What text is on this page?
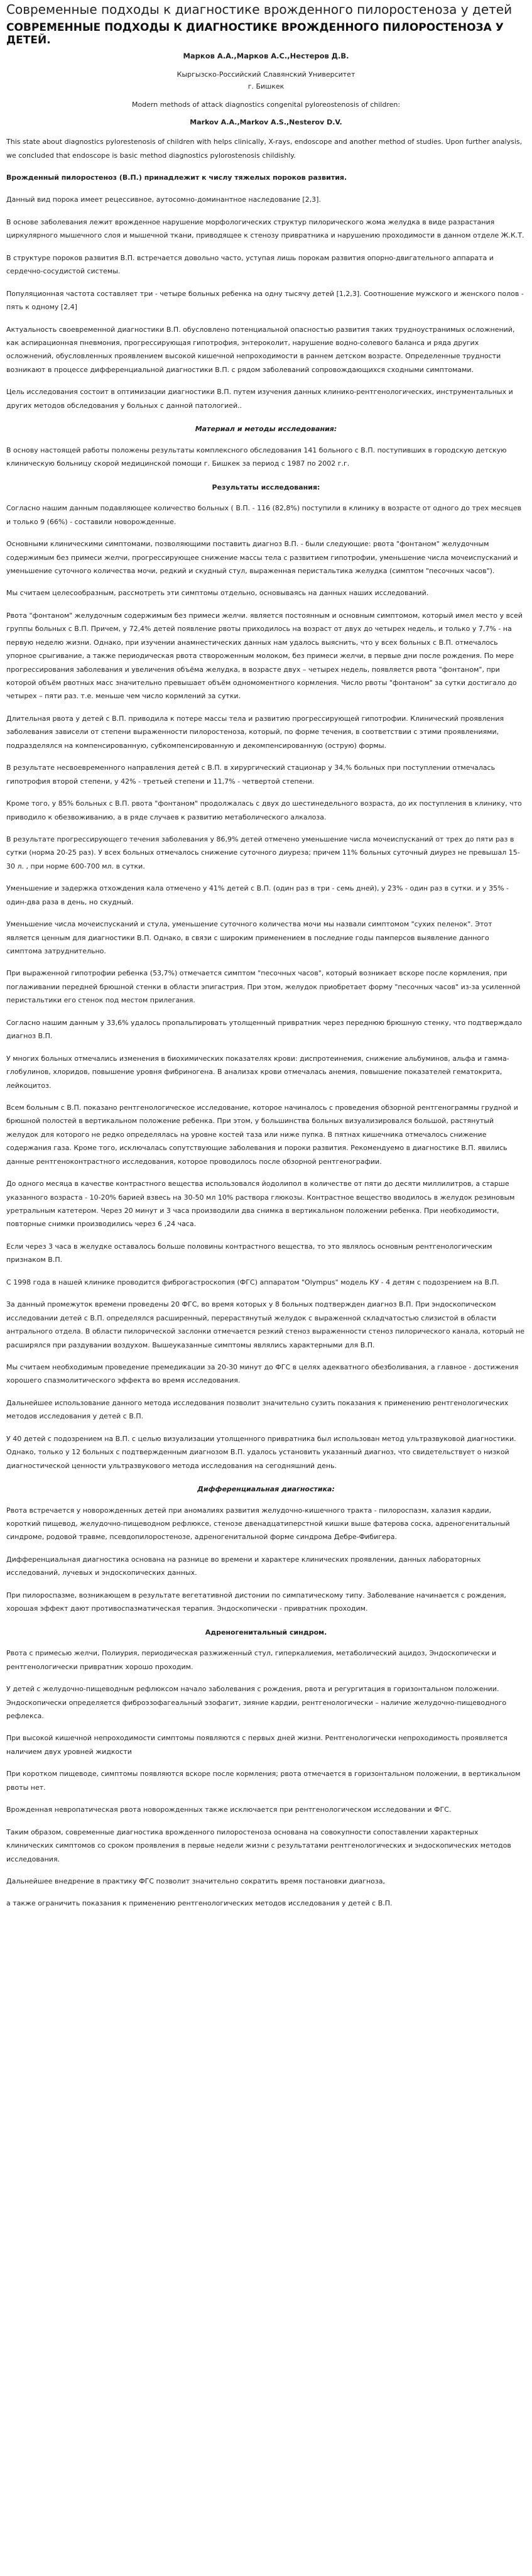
Современные подходы к диагностике врожденного пилоростеноза у детей
СОВРЕМЕННЫЕ ПОДХОДЫ К ДИАГНОСТИКЕ ВРОЖДЕННОГО ПИЛОРОСТЕНОЗА У ДЕТЕЙ.
Марков А.А.,Марков А.С.,Нестеров Д.В.
Кыргызско-Российский Славянский Университет
г. Бишкек
Modern methods of attack diagnostics congenital pyloreostenosis of children:
Markov A.A.,Markov A.S.,Nesterov D.V.

This state about diagnostics pylorestenosis of children with helps clinically, X-rays, endoscope and another method of studies. Upon further analysis, we concluded that endoscope is basic method diagnostics pylorostenosis childishly.

Врожденный пилоростеноз (В.П.) принадлежит к числу тяжелых пороков развития.

Данный вид порока имеет рецессивное, аутосомно-доминантное наследование [2,3].

В основе заболевания лежит врожденное нарушение морфологических структур пилорического жома желудка в виде разрастания циркулярного мышечного слоя и мышечной ткани, приводящее к стенозу привратника и нарушению проходимости в данном отделе Ж.К.Т.

В структуре пороков развития В.П. встречается довольно часто, уступая лишь порокам развития опорно-двигательного аппарата и сердечно-сосудистой системы.

Популяционная частота составляет три - четыре больных ребенка на одну тысячу детей [1,2,3]. Соотношение мужского и женского полов - пять к одному [2,4]

Актуальность своевременной диагностики В.П. обусловлено потенциальной опасностью развития таких трудноустранимых осложнений, как аспирационная пневмония, прогрессирующая гипотрофия, энтероколит, нарушение водно-солевого баланса и ряда других осложнений, обусловленных проявлением высокой кишечной непроходимости в раннем детском возрасте. Определенные трудности возникают в процессе дифференциальной диагностики В.П. с рядом заболеваний сопровождающихся сходными симптомами.

Цель исследования состоит в оптимизации диагностики В.П. путем изучения данных клинико-рентгенологических, инструментальных и других методов обследования у больных с данной патологией..

Материал и методы исследования:

В основу настоящей работы положены результаты комплексного обследования 141 больного с В.П. поступивших в городскую детскую клиническую больницу скорой медицинской помощи г. Бишкек за период с 1987 по 2002 г.г.

Результаты исследования:

Согласно нашим данным подавляющее количество больных ( В.П. - 116 (82,8%) поступили в клинику в возрасте от одного до трех месяцев и только 9 (66%) - составили новорожденные.

Основными клиническими симптомами, позволяющими поставить диагноз В.П. - были следующие: рвота "фонтаном" желудочным содержимым без примеси желчи, прогрессирующее снижение массы тела с развитием гипотрофии, уменьшение числа мочеиспусканий и уменьшение суточного количества мочи, редкий и скудный стул, выраженная перистальтика желудка (симптом "песочных часов").

Мы считаем целесообразным, рассмотреть эти симптомы отдельно, основываясь на данных наших исследований.

Рвота "фонтаном" желудочным содержимым без примеси желчи. является постоянным и основным симптомом, который имел место у всей группы больных с В.П. Причем, у 72,4% детей появление рвоты приходилось на возраст от двух до четырех недель, и только у 7,7% - на первую неделю жизни. Однако, при изучении анамнестических данных нам удалось выяснить, что у всех больных с В.П. отмечалось упорное срыгивание, а также периодическая рвота створоженным молоком, без примеси желчи, в первые дни после рождения. По мере прогрессирования заболевания и увеличения объёма желудка, в возрасте двух – четырех недель, появляется рвота "фонтаном", при которой объём рвотных масс значительно превышает объём одномоментного кормления. Число рвоты "фонтаном" за сутки достигало до четырех – пяти раз. т.е. меньше чем число кормлений за сутки.

Длительная рвота у детей с В.П. приводила к потере массы тела и развитию прогрессирующей гипотрофии. Клинический проявления заболевания зависели от степени выраженности пилоростеноза, который, по форме течения, в соответствии с этими проявлениями, подразделялся на компенсированную, субкомпенсированную и декомпенсированную (острую) формы.

В результате несвоевременного направления детей с В.П. в хирургический стационар у 34,% больных при поступлении отмечалась гипотрофия второй степени, у 42% - третьей степени и 11,7% - четвертой степени.

Кроме того, у 85% больных с В.П. рвота "фонтаном" продолжалась с двух до шестинедельного возраста, до их поступления в клинику, что приводило к обезвоживанию, а в ряде случаев к развитию метаболического алкалоза.

В результате прогрессирующего течения заболевания у 86,9% детей отмечено уменьшение числа мочеиспусканий от трех до пяти раз в сутки (норма 20-25 раз). У всех больных отмечалось снижение суточного диуреза; причем 11% больных суточный диурез не превышал 15-30 л. , при норме 600-700 мл. в сутки.

Уменьшение и задержка отхождения кала отмечено у 41% детей с В.П. (один раз в три - семь дней), у 23% - один раз в сутки. и у 35% - один-два раза в день, но скудный.

Уменьшение числа мочеиспусканий и стула, уменьшение суточного количества мочи мы назвали симптомом "сухих пеленок". Этот является ценным для диагностики В.П. Однако, в связи с широким применением в последние годы памперсов выявление данного симптома затруднительно.

При выраженной гипотрофии ребенка (53,7%) отмечается симптом "песочных часов", который возникает вскоре после кормления, при поглаживании передней брюшной стенки в области эпигастрия. При этом, желудок приобретает форму "песочных часов" из-за усиленной перистальтики его стенок под местом прилегания.

Согласно нашим данным у 33,6% удалось пропальпировать утолщенный привратник через переднюю брюшную стенку, что подтверждало диагноз В.П.

У многих больных отмечались изменения в биохимических показателях крови: диспротеинемия, снижение альбуминов, альфа и гамма-глобулинов, хлоридов, повышение уровня фибриногена. В анализах крови отмечалась анемия, повышение показателей гематокрита, лейкоцитоз.

Всем больным с В.П. показано рентгенологическое исследование, которое начиналось с проведения обзорной рентгенограммы грудной и брюшной полостей в вертикальном положение ребенка. При этом, у большинства больных визуализировался большой, растянутый желудок для которого не редко определялась на уровне костей таза или ниже пупка. В пятнах кишечника отмечалось снижение содержания газа. Кроме того, исключалась сопутствующие заболевания и пороки развития. Рекомендуемо в диагностике В.П. явились данные рентгеноконтрастного исследования, которое проводилось после обзорной рентгенографии.

До одного месяца в качестве контрастного вещества использовался йодолипол в количестве от пяти до десяти миллилитров, а старше указанного возраста - 10-20% барией взвесь на 30-50 мл 10% раствора глюкозы. Контрастное вещество вводилось в желудок резиновым уретральным катетером. Через 20 минут и 3 часа производили два снимка в вертикальном положении ребенка. При необходимости, повторные снимки производились через 6 ,24 часа.

Если через 3 часа в желудке оставалось больше половины контрастного вещества, то это являлось основным рентгенологическим признаком В.П.

С 1998 года в нашей клинике проводится фиброгастроскопия (ФГС) аппаратом "Olympus" модель КУ - 4 детям с подозрением на В.П.

За данный промежуток времени проведены 20 ФГС, во время которых у 8 больных подтвержден диагноз В.П. При эндоскопическом исследовании детей с В.П. определялся расширенный, перерастянутый желудок с выраженной складчатостью слизистой в области антрального отдела. В области пилорической заслонки отмечается резкий стеноз выраженности стеноз пилорического канала, который не расширялся при раздувании воздухом. Вышеуказанные симптомы являлись характерными для В.П.

Мы считаем необходимым проведение премедикации за 20-30 минут до ФГС в целях адекватного обезболивания, а главное - достижения хорошего спазмолитического эффекта во время исследования.

Дальнейшее использование данного метода исследования позволит значительно сузить показания к применению рентгенологических методов исследования у детей с В.П.

У 40 детей с подозрением на В.П. с целью визуализации утолщенного привратника был использован метод ультразвуковой диагностики. Однако, только у 12 больных с подтвержденным диагнозом В.П. удалось установить указанный диагноз, что свидетельствует о низкой диагностической ценности ультразвукового метода исследования на сегодняшний день.

Дифференциальная диагностика:

Рвота встречается у новорожденных детей при аномалиях развития желудочно-кишечного тракта - пилороспазм, халазия кардии, короткий пищевод, желудочно-пищеводном рефлюксе, стенозе двенадцатиперстной кишки выше фатерова соска, адреногенитальный синдроме, родовой травме, псевдопилоростенозе, адреногенитальной форме синдрома Дебре-Фибигера.

Дифференциальная диагностика основана на разнице во времени и характере клинических проявлении, данных лабораторных исследований, лучевых и эндоскопических данных.

При пилороспазме, возникающем в результате вегетативной дистонии по симпатическому типу. Заболевание начинается с рождения, хорошая эффект дают противоспазматическая терапия. Эндоскопически - привратник проходим.

Адреногенитальный синдром.

Рвота с примесью желчи, Полиурия, периодическая разжиженный стул, гиперкалиемия, метаболический ацидоз, Эндоскопически и рентгенологически привратник хорошо проходим.

У детей с желудочно-пищеводным рефлюксом начало заболевания с рождения, рвота и регургитация в горизонтальном положении. Эндоскопически определяется фиброэзофагеальный эзофагит, зияние кардии, рентгенологически – наличие желудочно-пищеводного рефлекса.

При высокой кишечной непроходимости симптомы появляются с первых дней жизни. Рентгенологически непроходимость проявляется наличием двух уровней жидкости

При коротком пищеводе, симптомы появляются вскоре после кормления; рвота отмечается в горизонтальном положении, в вертикальном рвоты нет.

Врожденная невропатическая рвота новорожденных также исключается при рентгенологическом исследовании и ФГС.

Таким образом, современные диагностика врожденного пилоростеноза основана на совокупности сопоставлении характерных клинических симптомов со сроком проявления в первые недели жизни с результатами рентгенологических и эндоскопических методов исследования.

Дальнейшее внедрение в практику ФГС позволит значительно сократить время постановки диагноза,

а также ограничить показания к применению рентгенологических методов исследования у детей с В.П.
